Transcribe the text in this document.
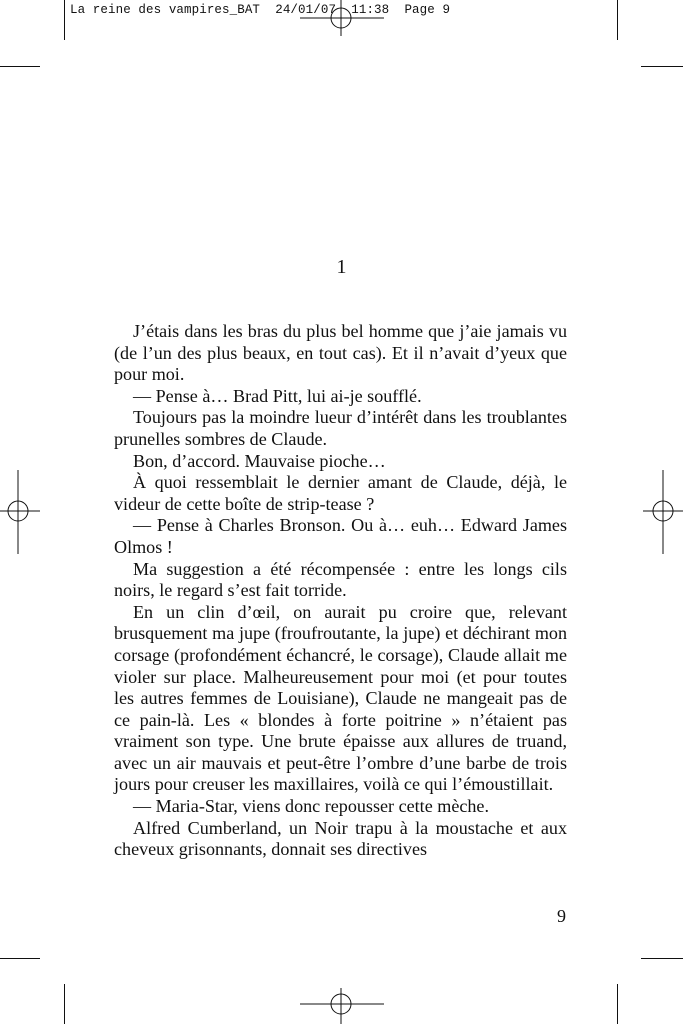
La reine des vampires_BAT  24/01/07  11:38  Page 9
1

J’étais dans les bras du plus bel homme que j’aie jamais vu (de l’un des plus beaux, en tout cas). Et il n’avait d’yeux que pour moi.

— Pense à… Brad Pitt, lui ai-je soufflé.

Toujours pas la moindre lueur d’intérêt dans les troublantes prunelles sombres de Claude.

Bon, d’accord. Mauvaise pioche…

À quoi ressemblait le dernier amant de Claude, déjà, le videur de cette boîte de strip-tease ?

— Pense à Charles Bronson. Ou à… euh… Edward James Olmos !

Ma suggestion a été récompensée : entre les longs cils noirs, le regard s’est fait torride.

En un clin d’œil, on aurait pu croire que, relevant brusquement ma jupe (froufroutante, la jupe) et déchirant mon corsage (profondément échancré, le corsage), Claude allait me violer sur place. Malheureusement pour moi (et pour toutes les autres femmes de Louisiane), Claude ne mangeait pas de ce pain-là. Les « blondes à forte poitrine » n’étaient pas vraiment son type. Une brute épaisse aux allures de truand, avec un air mauvais et peut-être l’ombre d’une barbe de trois jours pour creuser les maxillaires, voilà ce qui l’émoustillait.

— Maria-Star, viens donc repousser cette mèche.

Alfred Cumberland, un Noir trapu à la moustache et aux cheveux grisonnants, donnait ses directives

9
